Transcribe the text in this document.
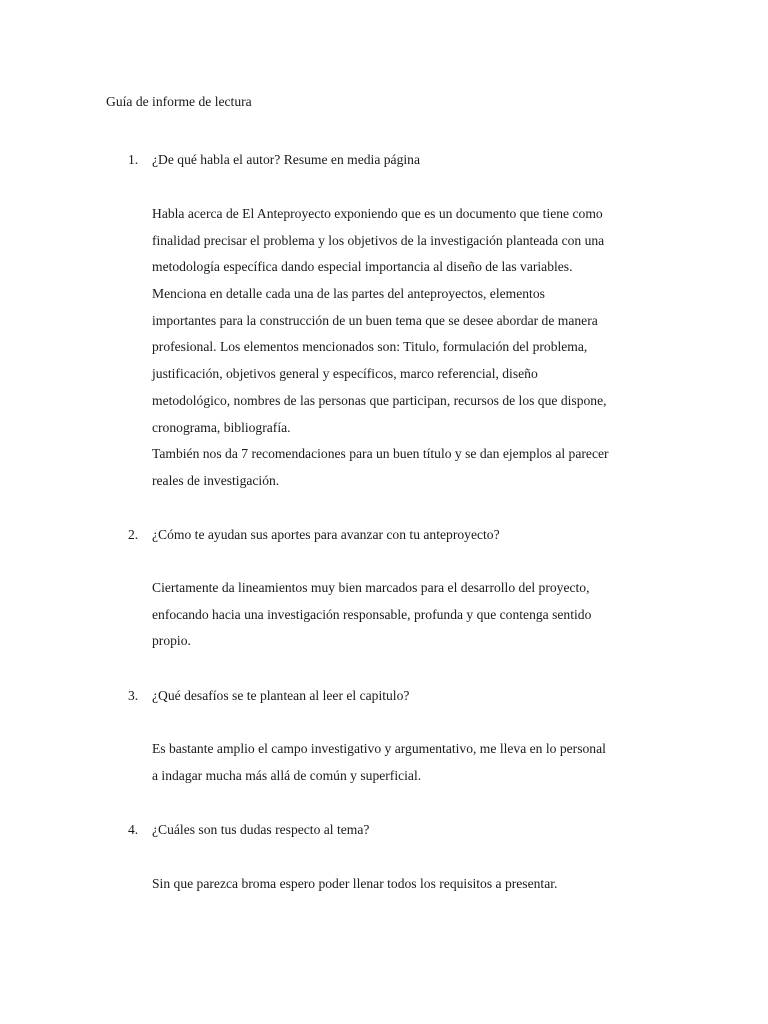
Guía de informe de lectura
1. ¿De qué habla el autor? Resume en media página
Habla acerca de El Anteproyecto exponiendo que es un documento que tiene como
finalidad precisar el problema y los objetivos de la investigación planteada con una
metodología específica dando especial importancia al diseño de las variables.
Menciona en detalle cada una de las partes del anteproyectos, elementos
importantes para la construcción de un buen tema que se desee abordar de manera
profesional. Los elementos mencionados son: Titulo, formulación del problema,
justificación, objetivos general y específicos, marco referencial, diseño
metodológico, nombres de las personas que participan, recursos de los que dispone,
cronograma, bibliografía.
También nos da 7 recomendaciones para un buen título y se dan ejemplos al parecer
reales de investigación.
2. ¿Cómo te ayudan sus aportes para avanzar con tu anteproyecto?
Ciertamente da lineamientos muy bien marcados para el desarrollo del proyecto,
enfocando hacia una investigación responsable, profunda y que contenga sentido
propio.
3. ¿Qué desafíos se te plantean al leer el capitulo?
Es bastante amplio el campo investigativo y argumentativo, me lleva en lo personal
a indagar mucha más allá de común y superficial.
4. ¿Cuáles son tus dudas respecto al tema?
Sin que parezca broma espero poder llenar todos los requisitos a presentar.
